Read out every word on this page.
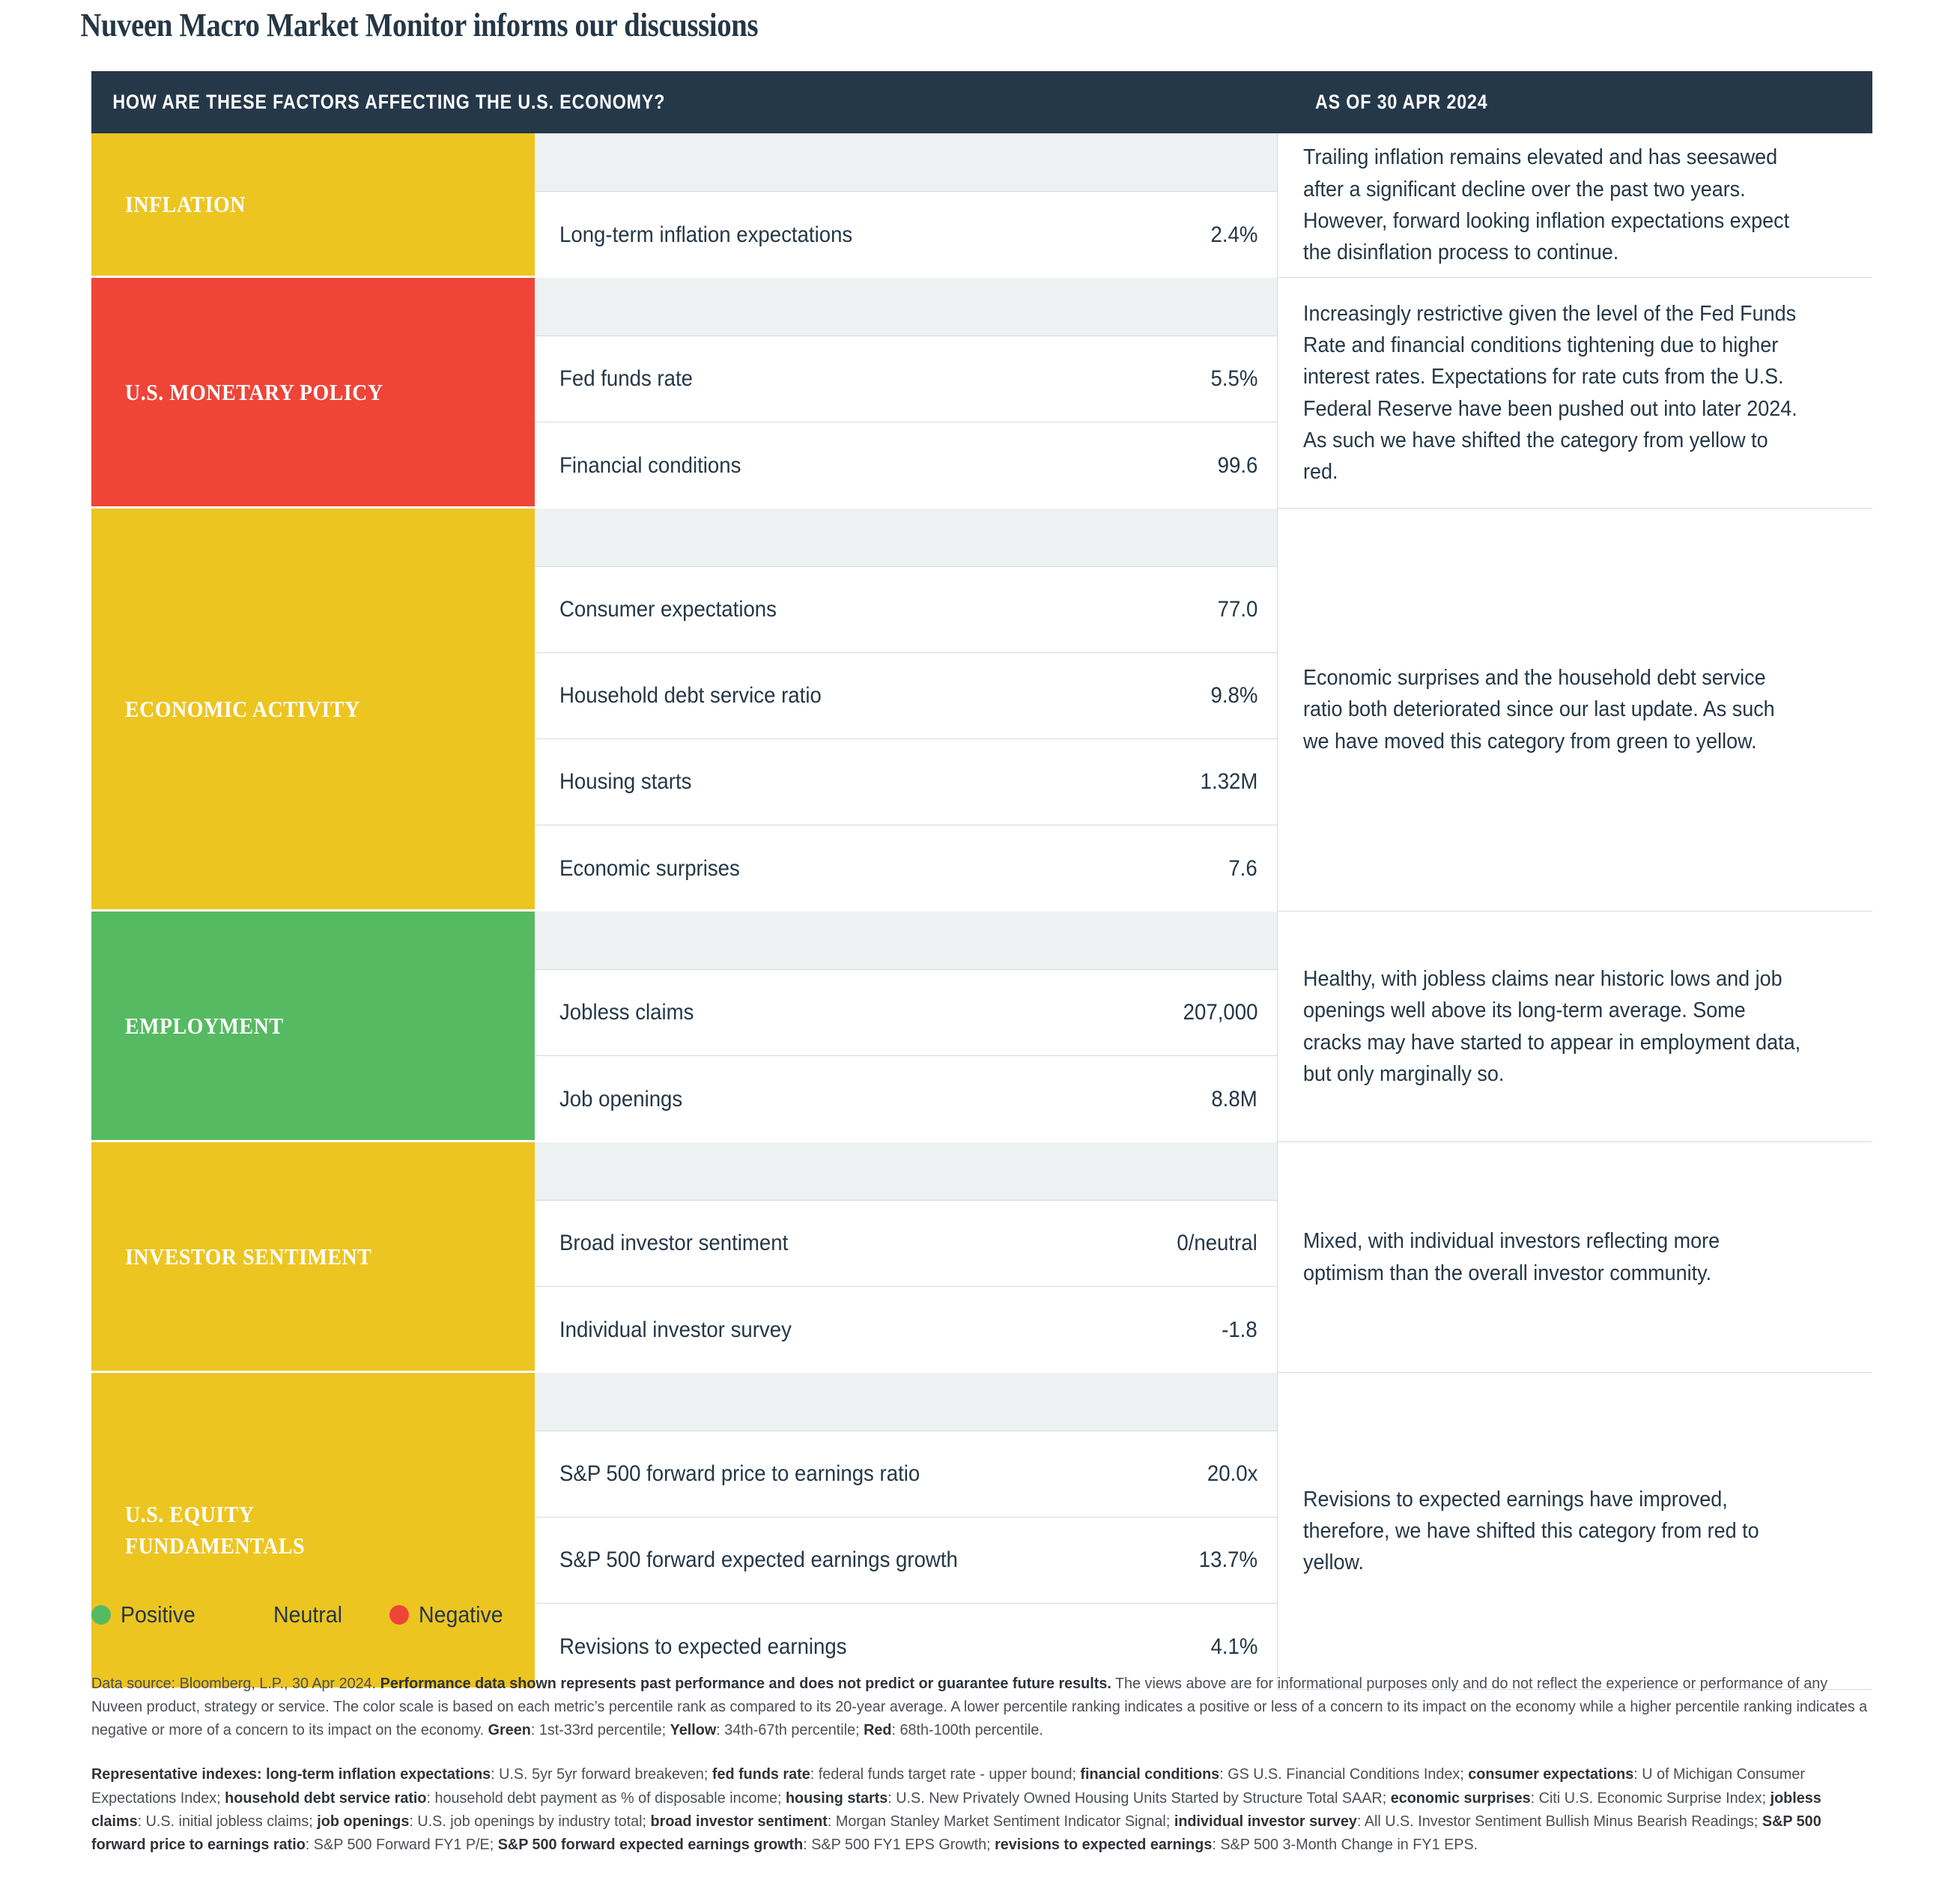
Nuveen Macro Market Monitor informs our discussions
HOW ARE THESE FACTORS AFFECTING THE U.S. ECONOMY?	AS OF 30 APR 2024
INFLATION
Long-term inflation expectations	2.4%
Trailing inflation remains elevated and has seesawed after a significant decline over the past two years. However, forward looking inflation expectations expect the disinflation process to continue.
U.S. MONETARY POLICY
Fed funds rate	5.5%
Financial conditions	99.6
Increasingly restrictive given the level of the Fed Funds Rate and financial conditions tightening due to higher interest rates. Expectations for rate cuts from the U.S. Federal Reserve have been pushed out into later 2024. As such we have shifted the category from yellow to red.
ECONOMIC ACTIVITY
Consumer expectations	77.0
Household debt service ratio	9.8%
Housing starts	1.32M
Economic surprises	7.6
Economic surprises and the household debt service ratio both deteriorated since our last update. As such we have moved this category from green to yellow.
EMPLOYMENT
Jobless claims	207,000
Job openings	8.8M
Healthy, with jobless claims near historic lows and job openings well above its long-term average. Some cracks may have started to appear in employment data, but only marginally so.
INVESTOR SENTIMENT
Broad investor sentiment	0/neutral
Individual investor survey	-1.8
Mixed, with individual investors reflecting more optimism than the overall investor community.
U.S. EQUITY
FUNDAMENTALS
S&P 500 forward price to earnings ratio	20.0x
S&P 500 forward expected earnings growth	13.7%
Revisions to expected earnings	4.1%
Revisions to expected earnings have improved, therefore, we have shifted this category from red to yellow.
Positive	Neutral	Negative

Data source: Bloomberg, L.P., 30 Apr 2024. Performance data shown represents past performance and does not predict or guarantee future results. The views above are for informational purposes only and do not reflect the experience or performance of any Nuveen product, strategy or service. The color scale is based on each metric’s percentile rank as compared to its 20-year average. A lower percentile ranking indicates a positive or less of a concern to its impact on the economy while a higher percentile ranking indicates a negative or more of a concern to its impact on the economy. Green: 1st-33rd percentile; Yellow: 34th-67th percentile; Red: 68th-100th percentile.

Representative indexes: long-term inflation expectations: U.S. 5yr 5yr forward breakeven; fed funds rate: federal funds target rate - upper bound; financial conditions: GS U.S. Financial Conditions Index; consumer expectations: U of Michigan Consumer Expectations Index; household debt service ratio: household debt payment as % of disposable income; housing starts: U.S. New Privately Owned Housing Units Started by Structure Total SAAR; economic surprises: Citi U.S. Economic Surprise Index; jobless claims: U.S. initial jobless claims; job openings: U.S. job openings by industry total; broad investor sentiment: Morgan Stanley Market Sentiment Indicator Signal; individual investor survey: All U.S. Investor Sentiment Bullish Minus Bearish Readings; S&P 500 forward price to earnings ratio: S&P 500 Forward FY1 P/E; S&P 500 forward expected earnings growth: S&P 500 FY1 EPS Growth; revisions to expected earnings: S&P 500 3-Month Change in FY1 EPS.
